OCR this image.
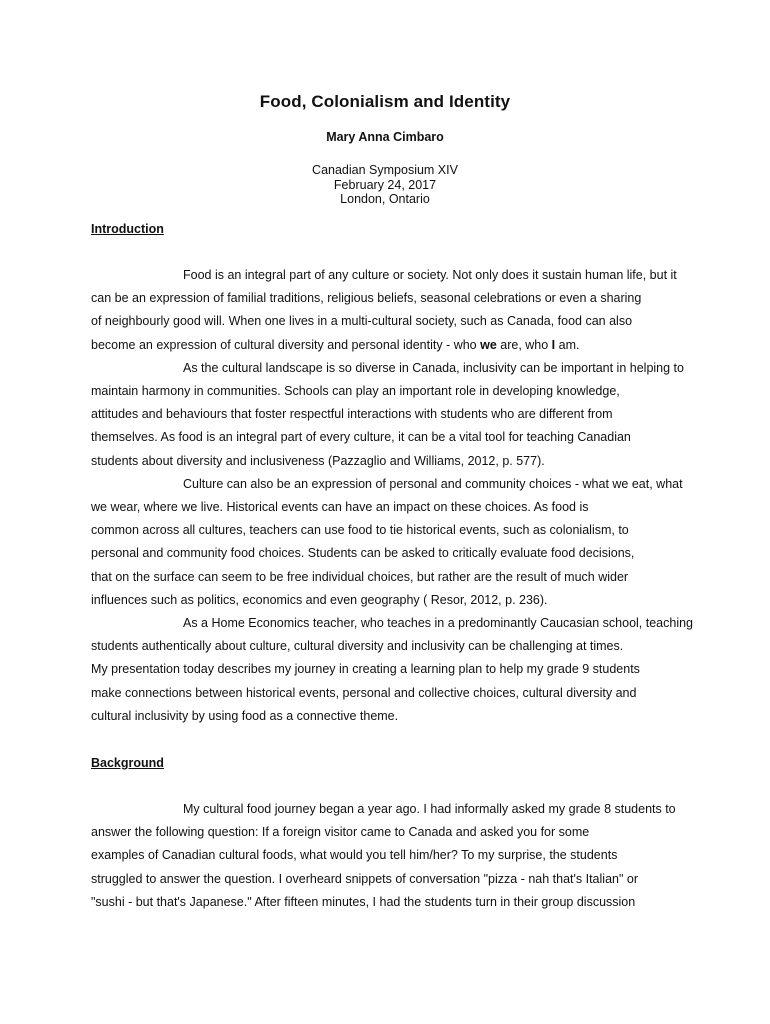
Food, Colonialism and Identity
Mary Anna Cimbaro
Canadian Symposium XIV
February 24, 2017
London, Ontario
Introduction
Food is an integral part of any culture or society. Not only does it sustain human life, but it
can be an expression of familial traditions, religious beliefs, seasonal celebrations or even a sharing
of neighbourly good will. When one lives in a multi-cultural society, such as Canada, food can also
become an expression of cultural diversity and personal identity - who we are, who I am.
As the cultural landscape is so diverse in Canada, inclusivity can be important in helping to
maintain harmony in communities. Schools can play an important role in developing knowledge,
attitudes and behaviours that foster respectful interactions with students who are different from
themselves. As food is an integral part of every culture, it can be a vital tool for teaching Canadian
students about diversity and inclusiveness (Pazzaglio and Williams, 2012, p. 577).
Culture can also be an expression of personal and community choices - what we eat, what
we wear, where we live. Historical events can have an impact on these choices. As food is
common across all cultures, teachers can use food to tie historical events, such as colonialism, to
personal and community food choices. Students can be asked to critically evaluate food decisions,
that on the surface can seem to be free individual choices, but rather are the result of much wider
influences such as politics, economics and even geography ( Resor, 2012, p. 236).
As a Home Economics teacher, who teaches in a predominantly Caucasian school, teaching
students authentically about culture, cultural diversity and inclusivity can be challenging at times.
My presentation today describes my journey in creating a learning plan to help my grade 9 students
make connections between historical events, personal and collective choices, cultural diversity and
cultural inclusivity by using food as a connective theme.
Background
My cultural food journey began a year ago. I had informally asked my grade 8 students to
answer the following question: If a foreign visitor came to Canada and asked you for some
examples of Canadian cultural foods, what would you tell him/her? To my surprise, the students
struggled to answer the question. I overheard snippets of conversation "pizza - nah that's Italian" or
"sushi - but that's Japanese." After fifteen minutes, I had the students turn in their group discussion
